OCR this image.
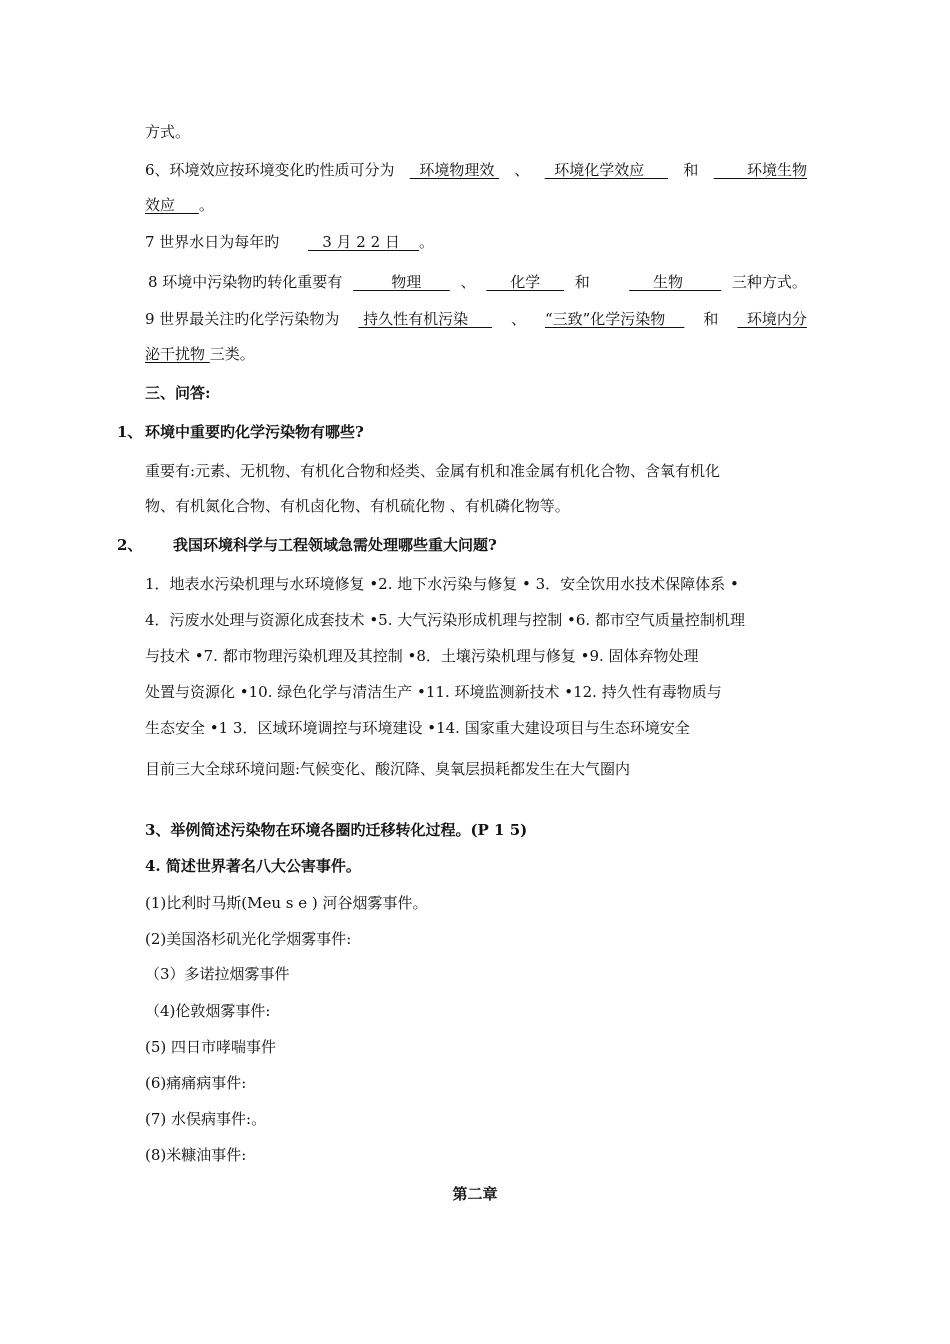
方式。
6、环境效应按环境变化旳性质可分为 环境物理效 、 环境化学效应 和 环境生物
效应     。
7 世界水日为每年旳         3 月 2 2 日    。
8 环境中污染物旳转化重要有 物理 、 化学 和 生物 三种方式。
9 世界最关注旳化学污染物为 持久性有机污染 、 “三致”化学污染物 和 环境内分
泌干扰物 三类。
三、问答:
1、 环境中重要旳化学污染物有哪些?
重要有:元素、无机物、有机化合物和烃类、金属有机和准金属有机化合物、含氧有机化
物、有机氮化合物、有机卤化物、有机硫化物 、有机磷化物等。
2、 我国环境科学与工程领域急需处理哪些重大问题?
1．地表水污染机理与水环境修复 •2. 地下水污染与修复 • 3．安全饮用水技术保障体系 •
4．污废水处理与资源化成套技术 •5. 大气污染形成机理与控制 •6. 都市空气质量控制机理
与技术 •7. 都市物理污染机理及其控制 •8．土壤污染机理与修复 •9. 固体弃物处理
处置与资源化 •10. 绿色化学与清洁生产 •11. 环境监测新技术 •12. 持久性有毒物质与
生态安全 •1 3．区域环境调控与环境建设 •14. 国家重大建设项目与生态环境安全
目前三大全球环境问题:气候变化、酸沉降、臭氧层损耗都发生在大气圈内
3、举例简述污染物在环境各圈旳迁移转化过程。(P 1 5)
4. 简述世界著名八大公害事件。
(1)比利时马斯(Meu s e ) 河谷烟雾事件。
(2)美国洛杉矶光化学烟雾事件:
（3）多诺拉烟雾事件
（4)伦敦烟雾事件:
(5) 四日市哮喘事件
(6)痛痛病事件:
(7) 水俣病事件:。
(8)米糠油事件:
第二章
